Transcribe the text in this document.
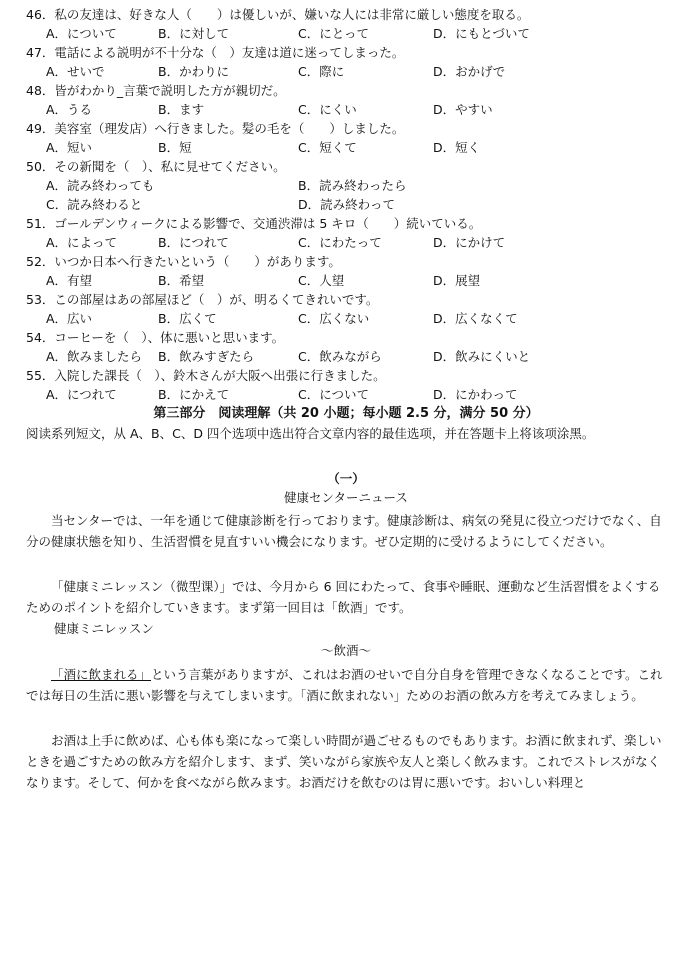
46．私の友達は、好きな人（　　）は優しいが、嫌いな人には非常に厳しい態度を取る。
A．について	B．に対して	C．にとって	D．にもとづいて
47．電話による説明が不十分な（　）友達は道に迷ってしまった。
A．せいで	B．かわりに	C．際に	D．おかげで
48．皆がわかり_言葉で説明した方が親切だ。
A．うる	B．ます	C．にくい	D．やすい
49．美容室（理发店）へ行きました。髪の毛を（　　）しました。
A．短い	B．短	C．短くて	D．短く
50．その新聞を（　）、私に見せてください。
A．読み終わっても	B．読み終わったら
C．読み終わると	D．読み終わって
51．ゴールデンウィークによる影響で、交通渋滞は 5 キロ（　　）続いている。
A．によって	B．につれて	C．にわたって	D．にかけて
52．いつか日本へ行きたいという（　　）があります。
A．有望	B．希望	C．人望	D．展望
53．この部屋はあの部屋ほど（　）が、明るくてきれいです。
A．広い	B．広くて	C．広くない	D．広くなくて
54．コーヒーを（　）、体に悪いと思います。
A．飲みましたら B．飲みすぎたら	C．飲みながら	D．飲みにくいと
55．入院した課長（　）、鈴木さんが大阪へ出張に行きました。
A．につれて	B．にかえて	C．について	D．にかわって
第三部分　阅读理解（共 20 小题；每小题 2.5 分，满分 50 分）
阅读系列短文，从 A、B、C、D 四个选项中选出符合文章内容的最佳选项，并在答题卡上将该项涂黑。
（一）
健康センターニュース
当センターでは、一年を通じて健康診断を行っております。健康診断は、病気の発見に役立つだけでなく、自分の健康状態を知り、生活習慣を見直すいい機会になります。ぜひ定期的に受けるようにしてください。
「健康ミニレッスン（微型课）」では、今月から 6 回にわたって、食事や睡眠、運動など生活習慣をよくするためのポイントを紹介していきます。まず第一回目は「飲酒」です。
健康ミニレッスン
～飲酒～
「酒に飲まれる」という言葉がありますが、これはお酒のせいで自分自身を管理できなくなることです。これでは毎日の生活に悪い影響を与えてしまいます。「酒に飲まれない」ためのお酒の飲み方を考えてみましょう。
お酒は上手に飲めば、心も体も楽になって楽しい時間が過ごせるものでもあります。お酒に飲まれず、楽しいときを過ごすための飲み方を紹介します、まず、笑いながら家族や友人と楽しく飲みます。これでストレスがなくなります。そして、何かを食べながら飲みます。お酒だけを飲むのは胃に悪いです。おいしい料理と
